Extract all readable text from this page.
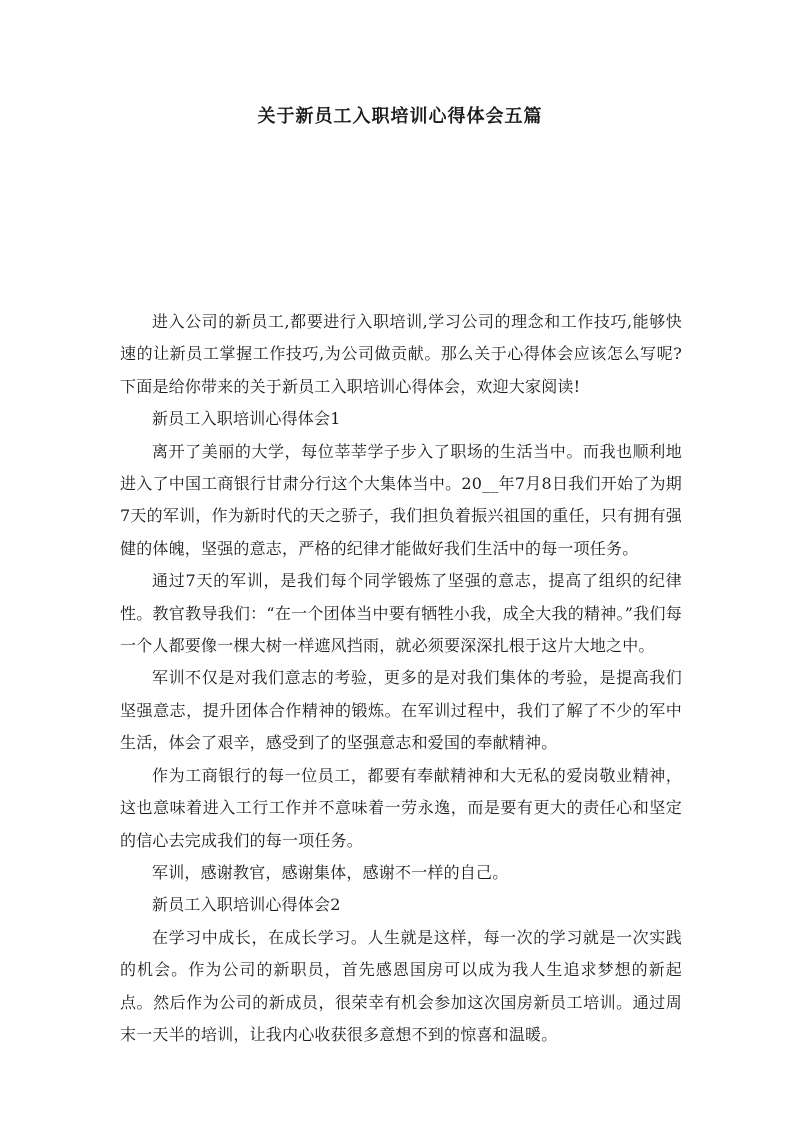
关于新员工入职培训心得体会五篇

进入公司的新员工,都要进行入职培训,学习公司的理念和工作技巧,能够快速的让新员工掌握工作技巧,为公司做贡献。那么关于心得体会应该怎么写呢?下面是给你带来的关于新员工入职培训心得体会，欢迎大家阅读!

新员工入职培训心得体会1

离开了美丽的大学，每位莘莘学子步入了职场的生活当中。而我也顺利地进入了中国工商银行甘肃分行这个大集体当中。20__年7月8日我们开始了为期7天的军训，作为新时代的天之骄子，我们担负着振兴祖国的重任，只有拥有强健的体魄，坚强的意志，严格的纪律才能做好我们生活中的每一项任务。

通过7天的军训，是我们每个同学锻炼了坚强的意志，提高了组织的纪律性。教官教导我们：“在一个团体当中要有牺牲小我，成全大我的精神。”我们每一个人都要像一棵大树一样遮风挡雨，就必须要深深扎根于这片大地之中。

军训不仅是对我们意志的考验，更多的是对我们集体的考验，是提高我们坚强意志，提升团体合作精神的锻炼。在军训过程中，我们了解了不少的军中生活，体会了艰辛，感受到了的坚强意志和爱国的奉献精神。

作为工商银行的每一位员工，都要有奉献精神和大无私的爱岗敬业精神，这也意味着进入工行工作并不意味着一劳永逸，而是要有更大的责任心和坚定的信心去完成我们的每一项任务。

军训，感谢教官，感谢集体，感谢不一样的自己。

新员工入职培训心得体会2

在学习中成长，在成长学习。人生就是这样，每一次的学习就是一次实践的机会。作为公司的新职员，首先感恩国房可以成为我人生追求梦想的新起点。然后作为公司的新成员，很荣幸有机会参加这次国房新员工培训。通过周末一天半的培训，让我内心收获很多意想不到的惊喜和温暖。
